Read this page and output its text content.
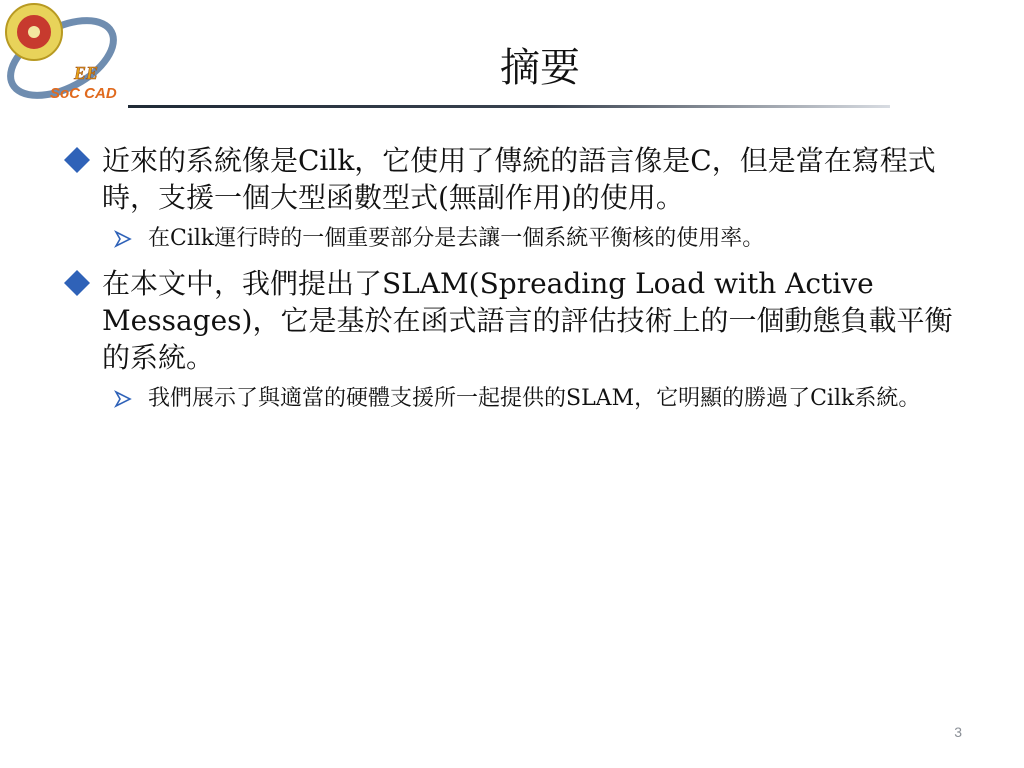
EE
SoC CAD
摘要
近來的系統像是Cilk，它使用了傳統的語言像是C，但是當在寫程式時，支援一個大型函數型式(無副作用)的使用。
在Cilk運行時的一個重要部分是去讓一個系統平衡核的使用率。
在本文中，我們提出了SLAM(Spreading Load with Active Messages)，它是基於在函式語言的評估技術上的一個動態負載平衡的系統。
我們展示了與適當的硬體支援所一起提供的SLAM，它明顯的勝過了Cilk系統。
3
